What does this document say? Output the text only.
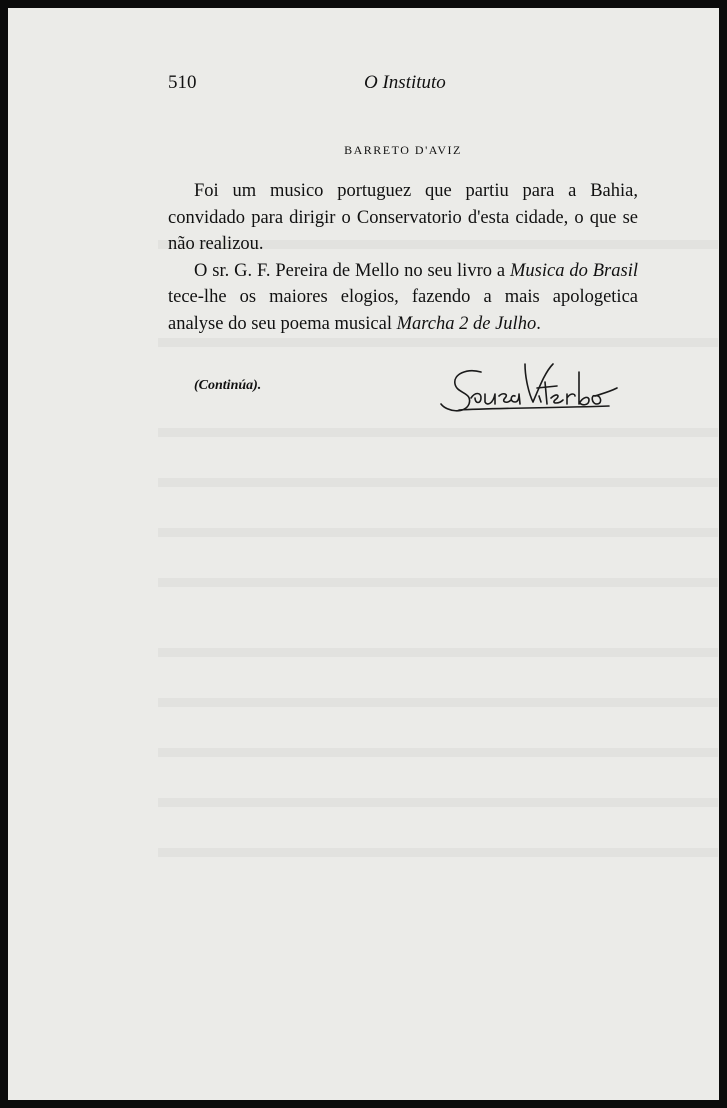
510	O Instituto
BARRETO D'AVIZ

Foi um musico portuguez que partiu para a Bahia, convidado para dirigir o Conservatorio d'esta cidade, o que se não realizou.

O sr. G. F. Pereira de Mello no seu livro a Musica do Brasil tece-lhe os maiores elogios, fazendo a mais apologetica analyse do seu poema musical Marcha 2 de Julho.

(Continúa).
